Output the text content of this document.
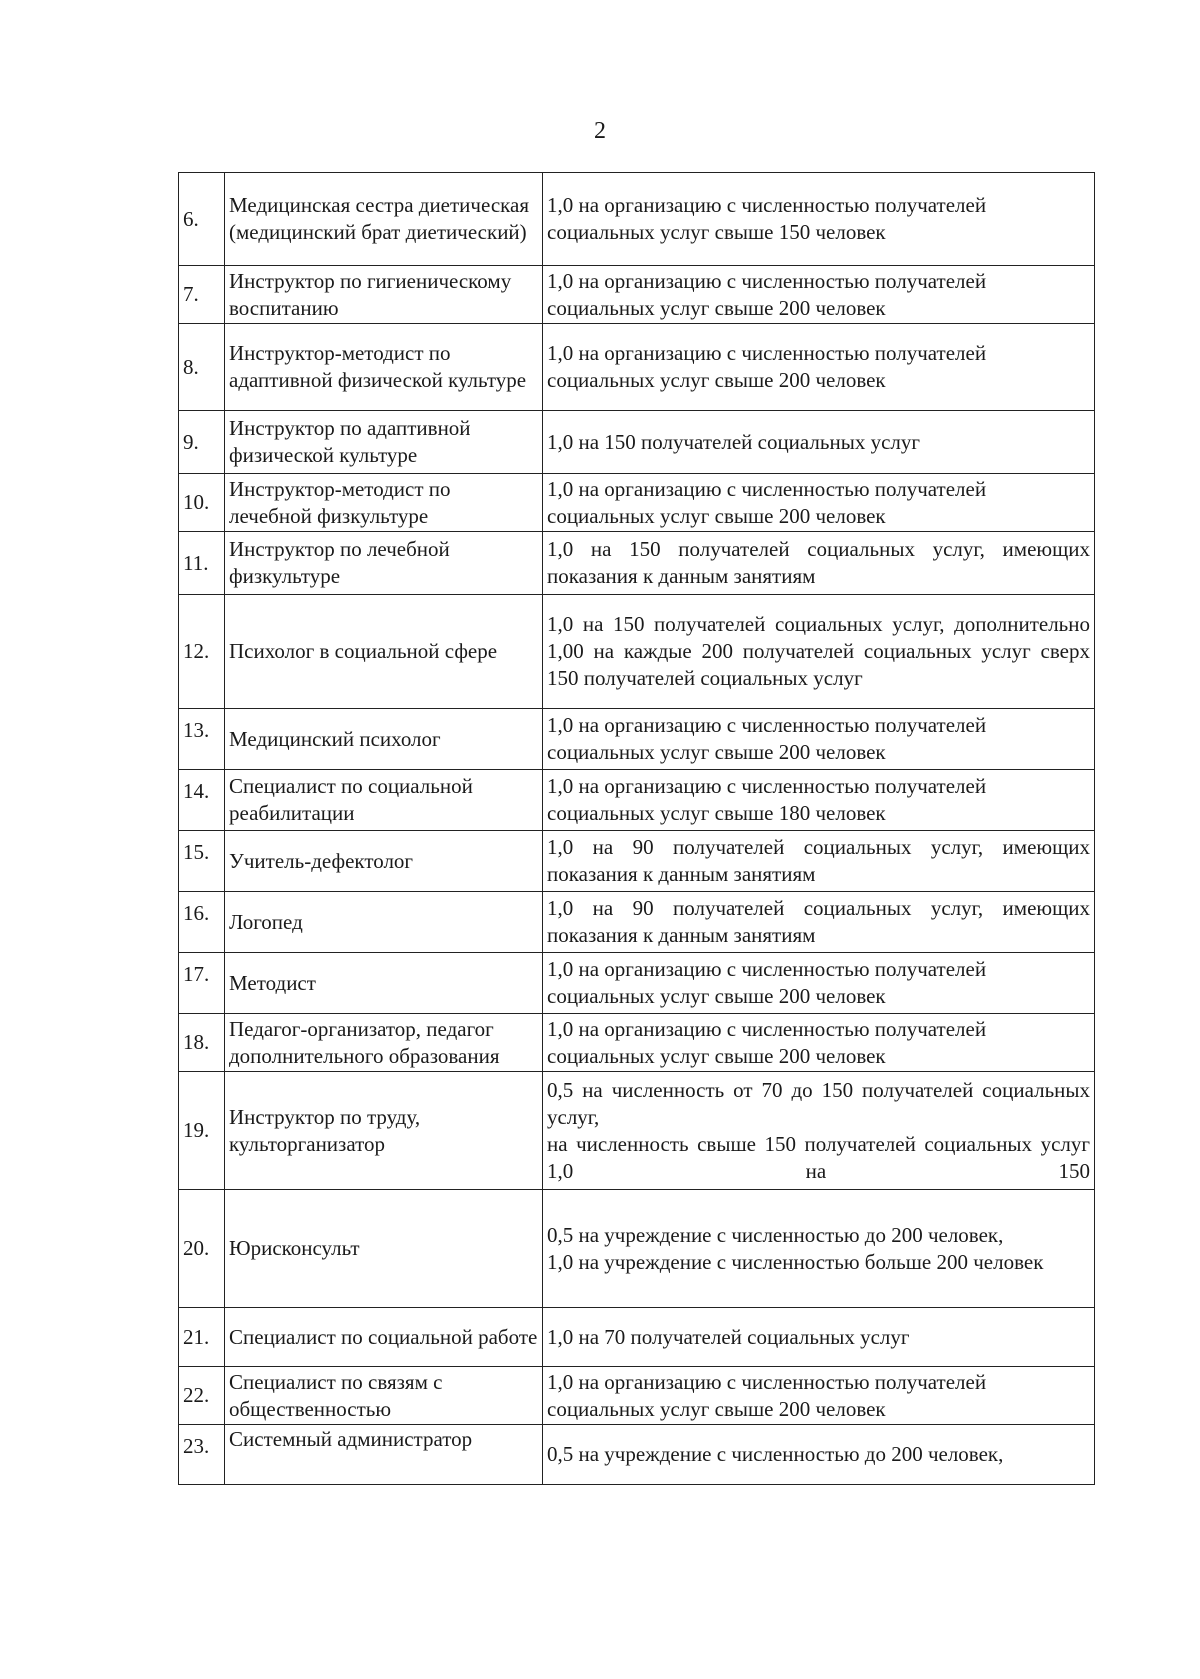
2
6.	Медицинская сестра диетическая (медицинский брат диетический)	1,0 на организацию с численностью получателей социальных услуг свыше 150 человек
7.	Инструктор по гигиеническому воспитанию	1,0 на организацию с численностью получателей социальных услуг свыше 200 человек
8.	Инструктор-методист по адаптивной физической культуре	1,0 на организацию с численностью получателей социальных услуг свыше 200 человек
9.	Инструктор по адаптивной физической культуре	1,0 на 150 получателей социальных услуг
10.	Инструктор-методист по лечебной физкультуре	1,0 на организацию с численностью получателей социальных услуг свыше 200 человек
11.	Инструктор по лечебной физкультуре	1,0 на 150 получателей социальных услуг, имеющих показания к данным занятиям
12.	Психолог в социальной сфере	1,0 на 150 получателей социальных услуг, дополнительно 1,00 на каждые 200 получателей социальных услуг сверх 150 получателей социальных услуг
13.	Медицинский психолог	1,0 на организацию с численностью получателей социальных услуг свыше 200 человек
14.	Специалист по социальной реабилитации	1,0 на организацию с численностью получателей социальных услуг свыше 180 человек
15.	Учитель-дефектолог	1,0 на 90 получателей социальных услуг, имеющих показания к данным занятиям
16.	Логопед	1,0 на 90 получателей социальных услуг, имеющих показания к данным занятиям
17.	Методист	1,0 на организацию с численностью получателей социальных услуг свыше 200 человек
18.	Педагог-организатор, педагог дополнительного образования	1,0 на организацию с численностью получателей социальных услуг свыше 200 человек
19.	Инструктор по труду, культорганизатор	0,5 на численность от 70 до 150 получателей социальных услуг,
на численность свыше 150 получателей социальных услуг 1,0 на 150

20.	Юрисконсульт	0,5 на учреждение с численностью до 200 человек,
1,0 на учреждение с численностью больше 200 человек

21.	Специалист по социальной работе	1,0 на 70 получателей социальных услуг
22.	Специалист по связям с общественностью	1,0 на организацию с численностью получателей социальных услуг свыше 200 человек
23.	Системный администратор	0,5 на учреждение с численностью до 200 человек,
